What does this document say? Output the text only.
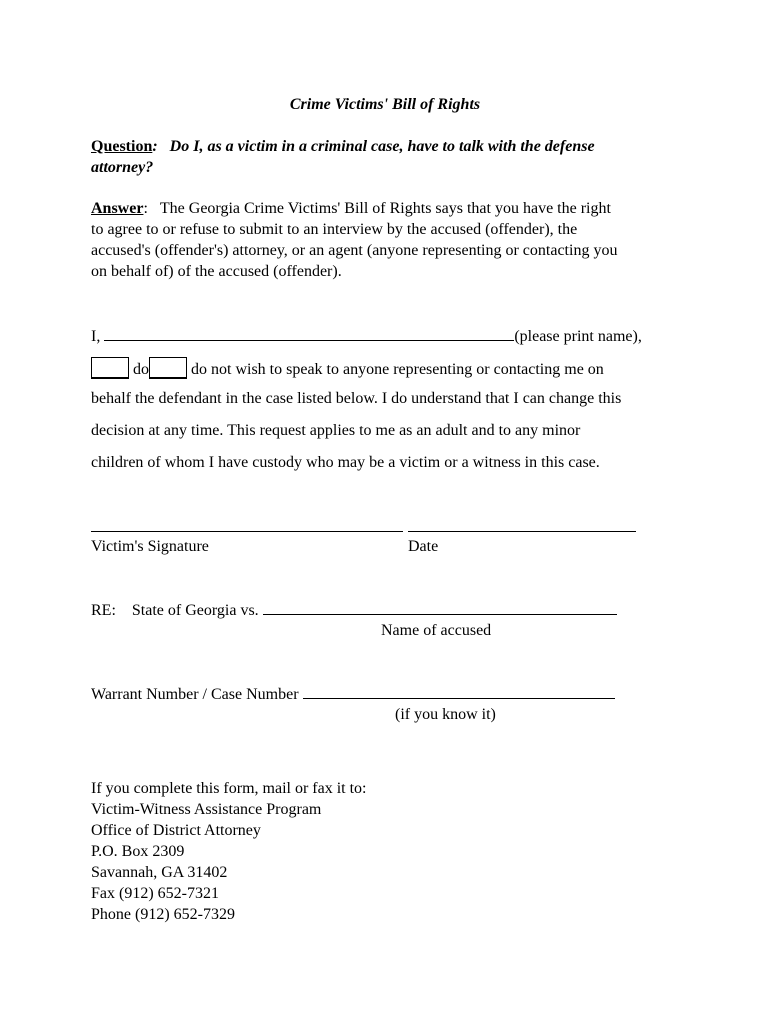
Crime Victims' Bill of Rights
Question: Do I, as a victim in a criminal case, have to talk with the defense
attorney?
Answer: The Georgia Crime Victims' Bill of Rights says that you have the right
to agree to or refuse to submit to an interview by the accused (offender), the
accused's (offender's) attorney, or an agent (anyone representing or contacting you
on behalf of) of the accused (offender).
I,	(please print name),
do	do not wish to speak to anyone representing or contacting me on
behalf the defendant in the case listed below. I do understand that I can change this
decision at any time. This request applies to me as an adult and to any minor
children of whom I have custody who may be a victim or a witness in this case.
Victim's Signature	Date
RE: State of Georgia vs.
Name of accused
Warrant Number / Case Number
(if you know it)
If you complete this form, mail or fax it to:
Victim-Witness Assistance Program
Office of District Attorney
P.O. Box 2309
Savannah, GA 31402
Fax (912) 652-7321
Phone (912) 652-7329
